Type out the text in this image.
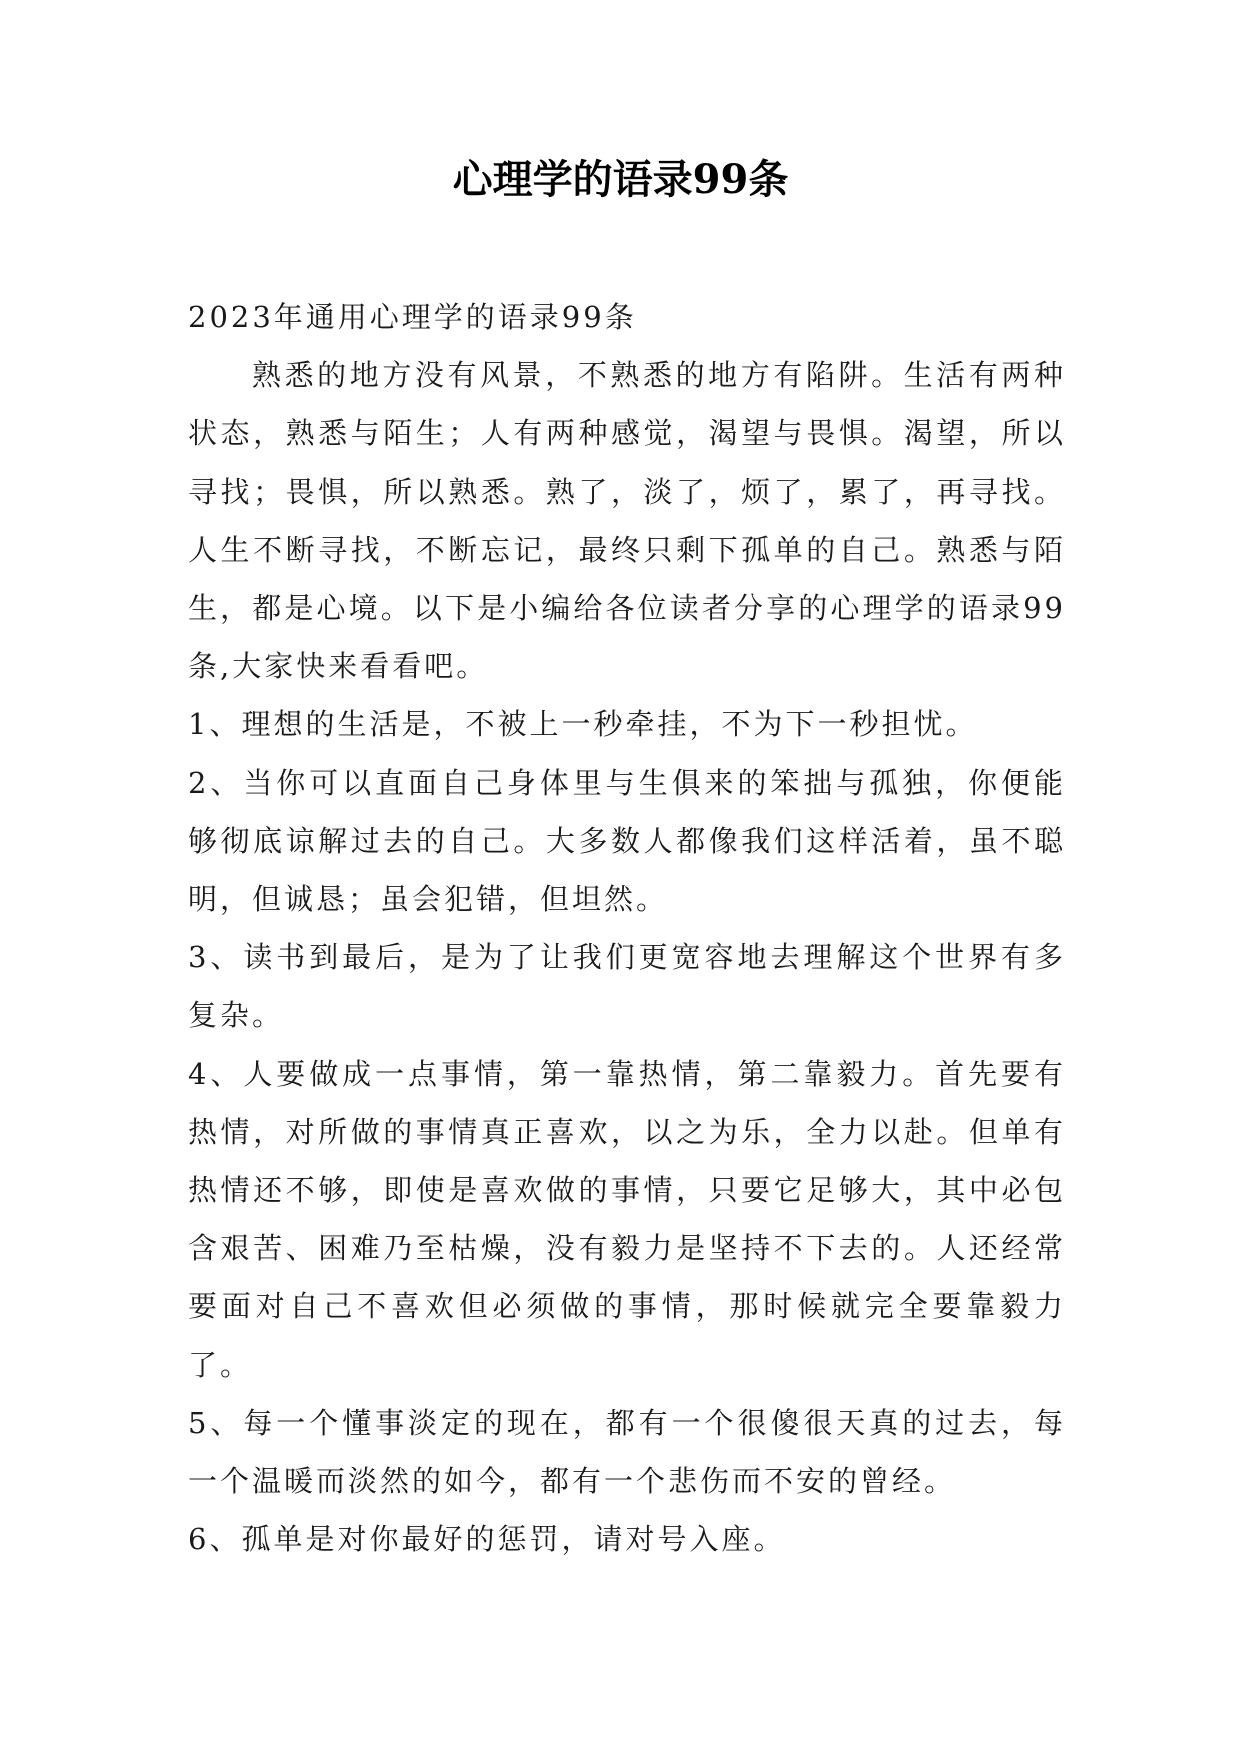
心理学的语录99条

2023年通用心理学的语录99条

熟悉的地方没有风景，不熟悉的地方有陷阱。生活有两种状态，熟悉与陌生；人有两种感觉，渴望与畏惧。渴望，所以寻找；畏惧，所以熟悉。熟了，淡了，烦了，累了，再寻找。人生不断寻找，不断忘记，最终只剩下孤单的自己。熟悉与陌生，都是心境。以下是小编给各位读者分享的心理学的语录99条,大家快来看看吧。

1、理想的生活是，不被上一秒牵挂，不为下一秒担忧。

2、当你可以直面自己身体里与生俱来的笨拙与孤独，你便能够彻底谅解过去的自己。大多数人都像我们这样活着，虽不聪明，但诚恳；虽会犯错，但坦然。

3、读书到最后，是为了让我们更宽容地去理解这个世界有多复杂。

4、人要做成一点事情，第一靠热情，第二靠毅力。首先要有热情，对所做的事情真正喜欢，以之为乐，全力以赴。但单有热情还不够，即使是喜欢做的事情，只要它足够大，其中必包含艰苦、困难乃至枯燥，没有毅力是坚持不下去的。人还经常要面对自己不喜欢但必须做的事情，那时候就完全要靠毅力了。

5、每一个懂事淡定的现在，都有一个很傻很天真的过去，每一个温暖而淡然的如今，都有一个悲伤而不安的曾经。

6、孤单是对你最好的惩罚，请对号入座。
